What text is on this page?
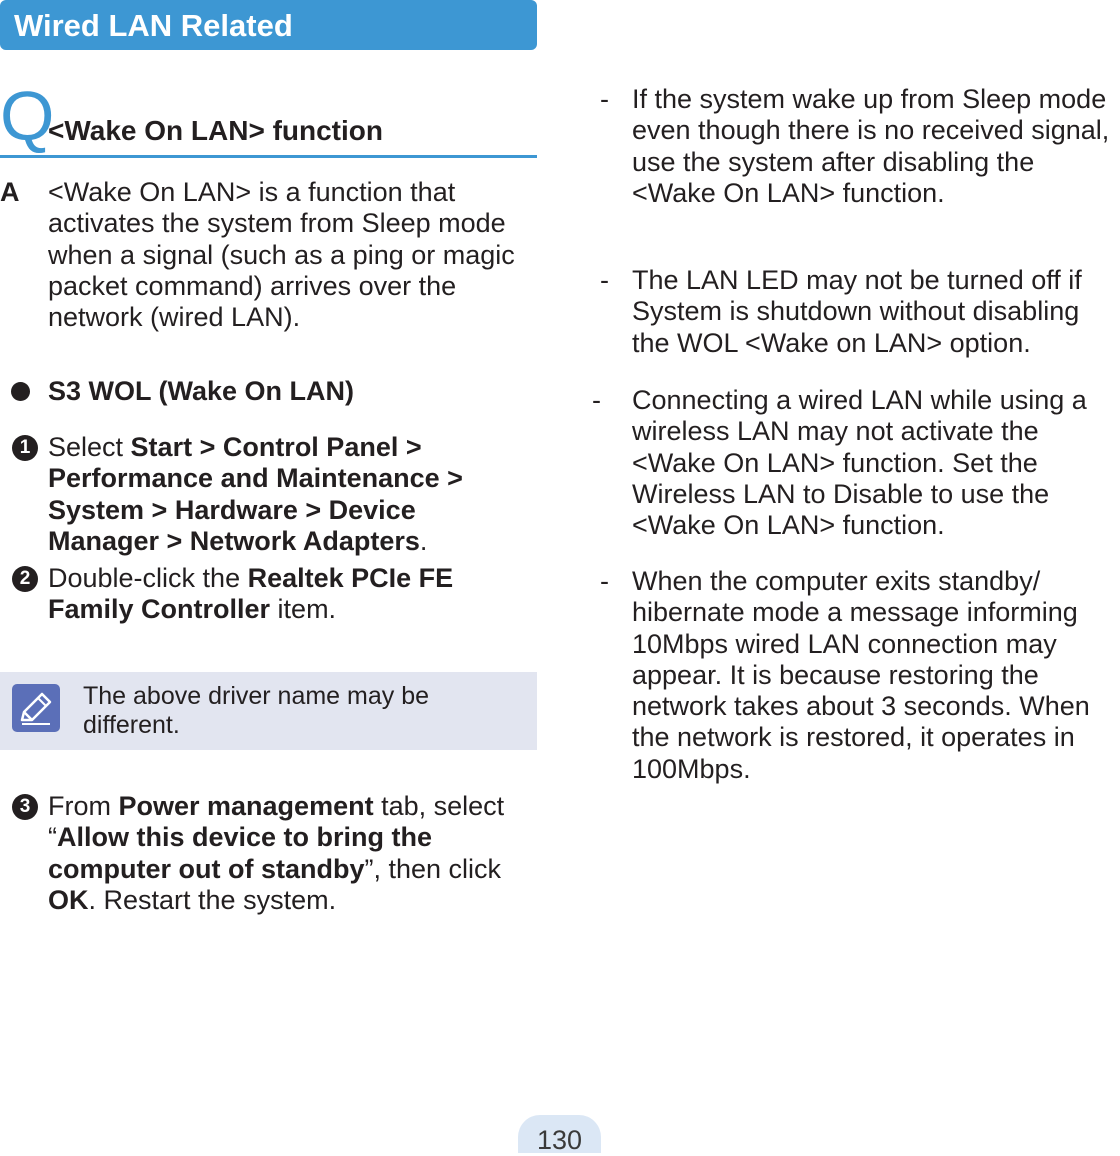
Wired LAN Related
Q
<Wake On LAN> function
A <Wake On LAN> is a function that activates the system from Sleep mode when a signal (such as a ping or magic packet command) arrives over the network (wired LAN).

S3 WOL (Wake On LAN)

1 Select Start > Control Panel > Performance and Maintenance > System > Hardware > Device Manager > Network Adapters.

2 Double-click the Realtek PCIe FE Family Controller item.

The above driver name may be different.

3 From Power management tab, select “Allow this device to bring the computer out of standby”, then click OK. Restart the system.

- If the system wake up from Sleep mode even though there is no received signal, use the system after disabling the <Wake On LAN> function.

- The LAN LED may not be turned off if System is shutdown without disabling the WOL <Wake on LAN> option.

- Connecting a wired LAN while using a wireless LAN may not activate the <Wake On LAN> function. Set the Wireless LAN to Disable to use the <Wake On LAN> function.

- When the computer exits standby/ hibernate mode a message informing 10Mbps wired LAN connection may appear. It is because restoring the network takes about 3 seconds. When the network is restored, it operates in 100Mbps.

130
